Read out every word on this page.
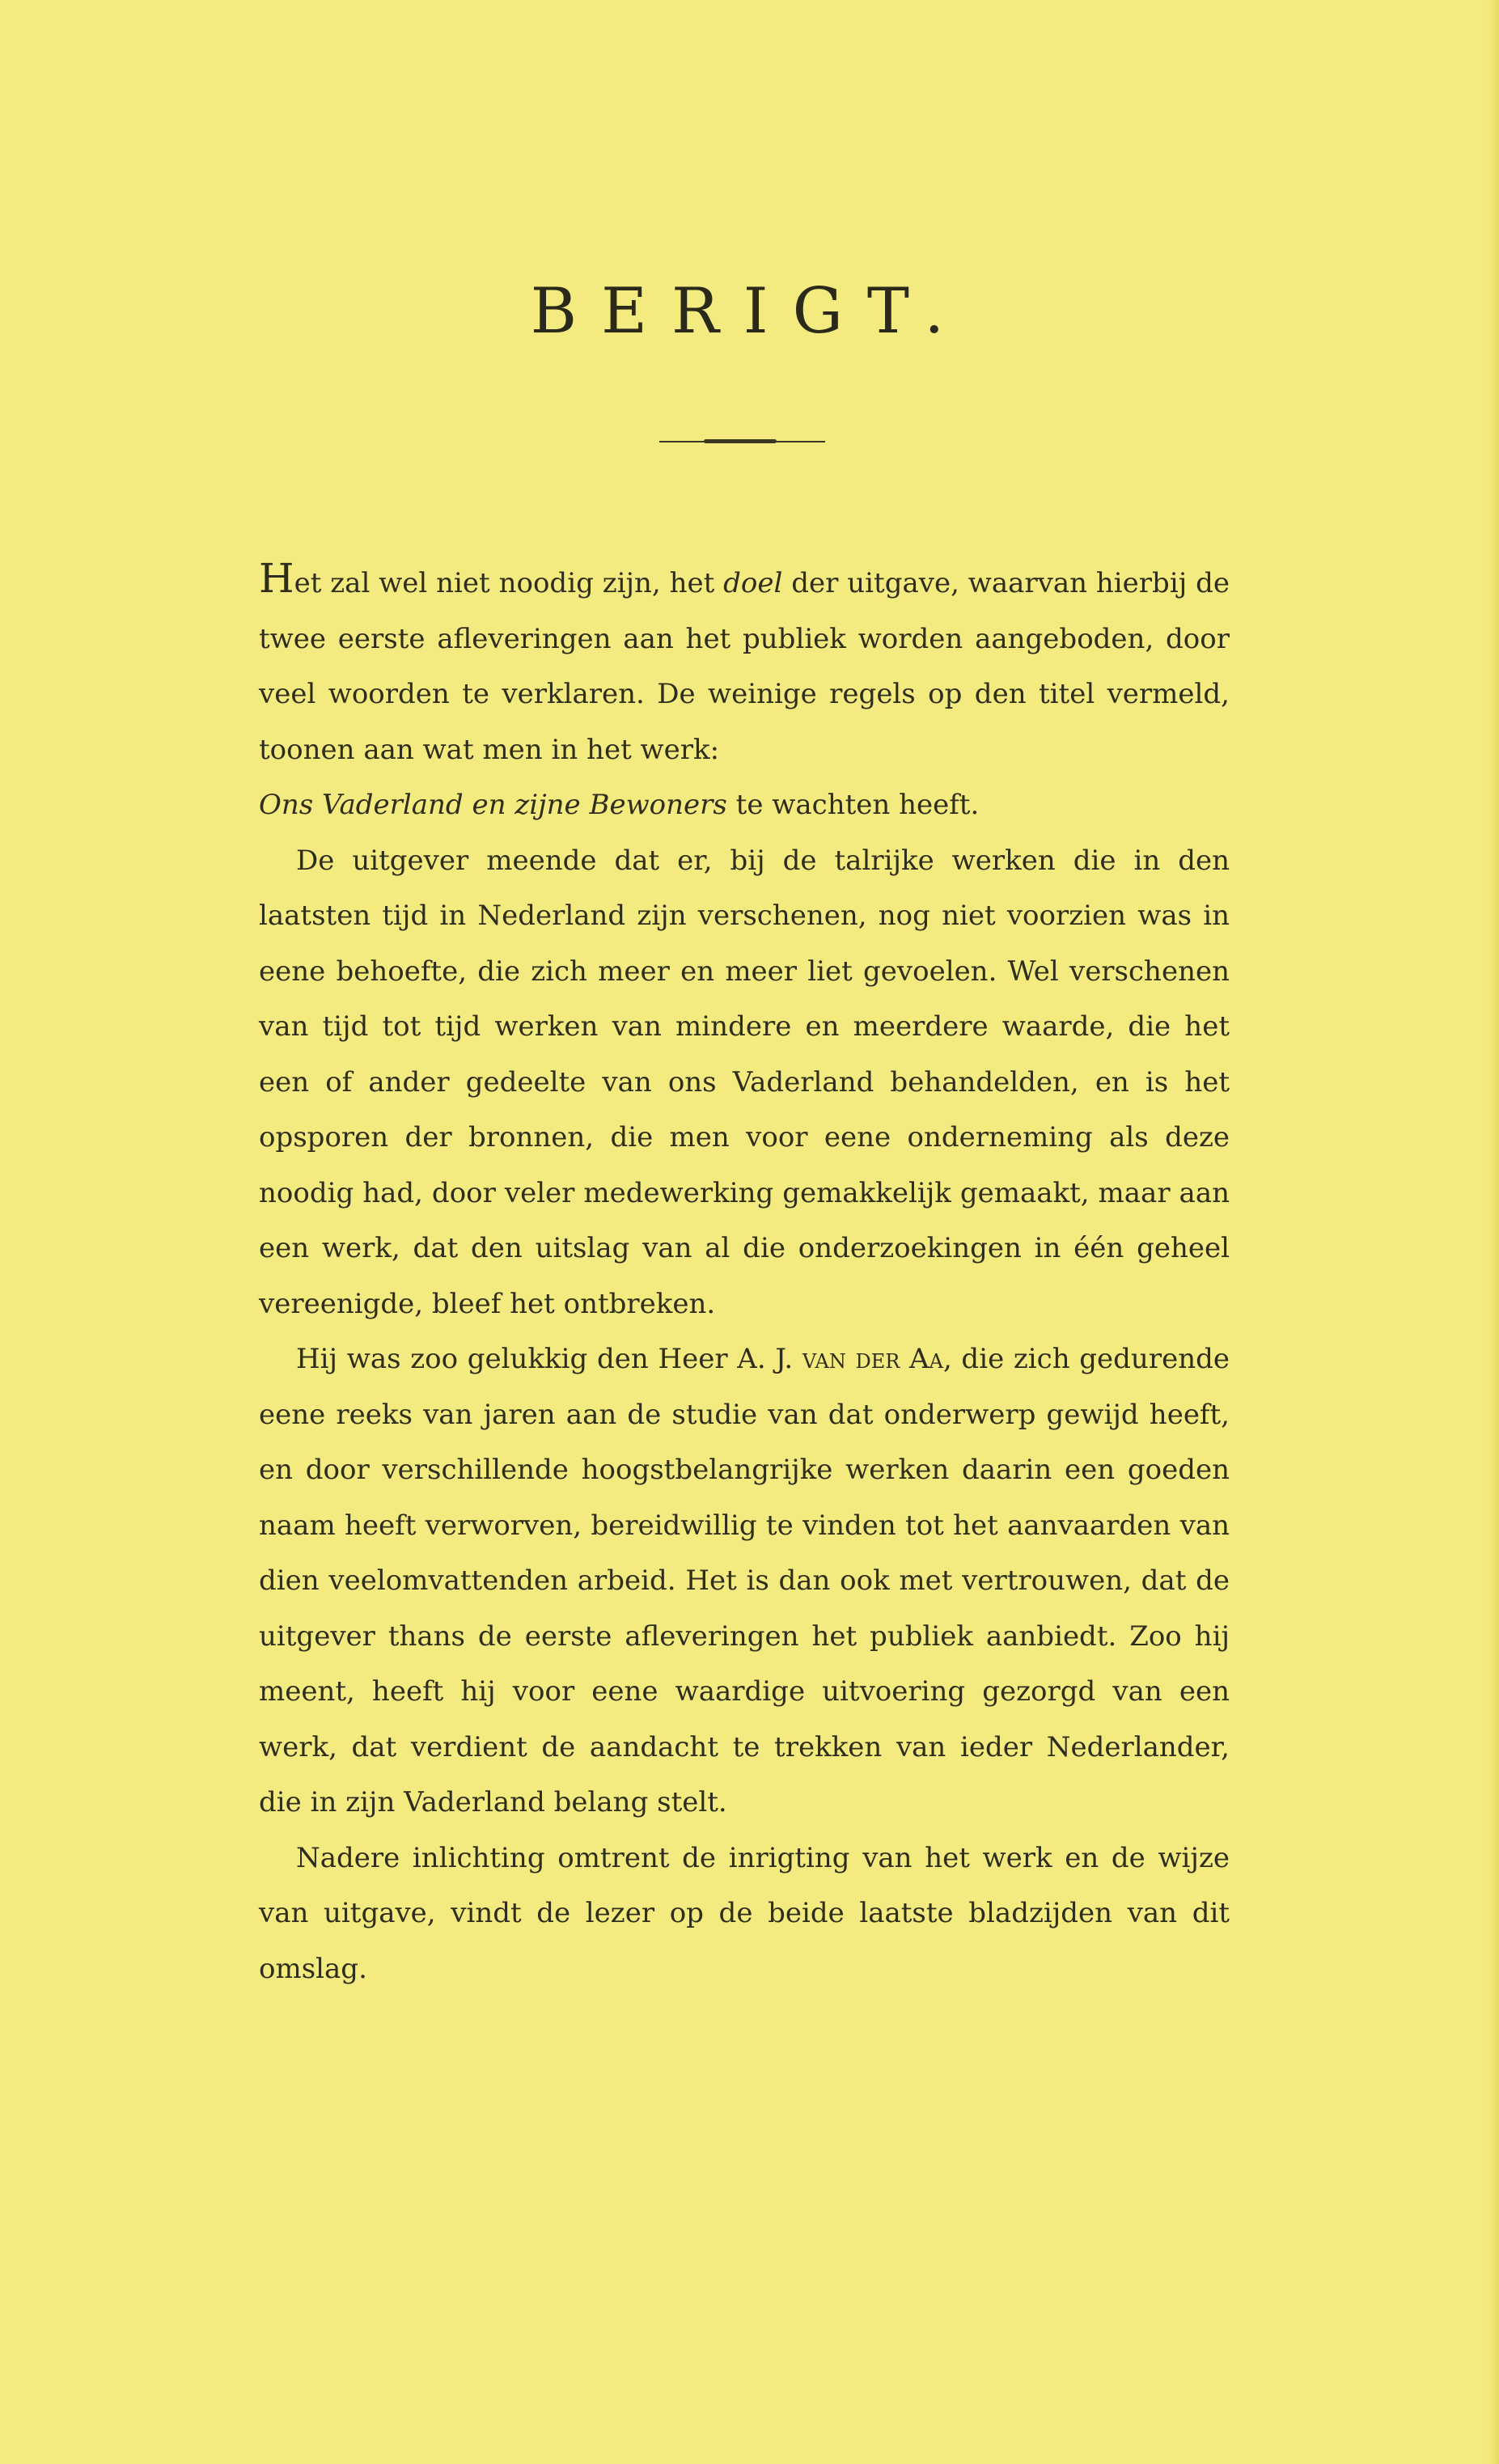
BERIGT.

Het zal wel niet noodig zijn, het doel der uitgave, waarvan hierbij de twee eerste afleveringen aan het publiek worden aangeboden, door veel woorden te verklaren. De weinige regels op den titel vermeld, toonen aan wat men in het werk:
Ons Vaderland en zijne Bewoners te wachten heeft.

De uitgever meende dat er, bij de talrijke werken die in den laatsten tijd in Nederland zijn verschenen, nog niet voorzien was in eene behoefte, die zich meer en meer liet gevoelen. Wel verschenen van tijd tot tijd werken van mindere en meerdere waarde, die het een of ander gedeelte van ons Vaderland behandelden, en is het opsporen der bronnen, die men voor eene onderneming als deze noodig had, door veler medewerking gemakkelijk gemaakt, maar aan een werk, dat den uitslag van al die onderzoekingen in één geheel vereenigde, bleef het ontbreken.

Hij was zoo gelukkig den Heer A. J. van der Aa, die zich gedurende eene reeks van jaren aan de studie van dat onderwerp gewijd heeft, en door verschillende hoogstbelangrijke werken daarin een goeden naam heeft verworven, bereidwillig te vinden tot het aanvaarden van dien veelomvattenden arbeid. Het is dan ook met vertrouwen, dat de uitgever thans de eerste afleveringen het publiek aanbiedt. Zoo hij meent, heeft hij voor eene waardige uitvoering gezorgd van een werk, dat verdient de aandacht te trekken van ieder Nederlander, die in zijn Vaderland belang stelt.

Nadere inlichting omtrent de inrigting van het werk en de wijze van uitgave, vindt de lezer op de beide laatste bladzijden van dit omslag.
